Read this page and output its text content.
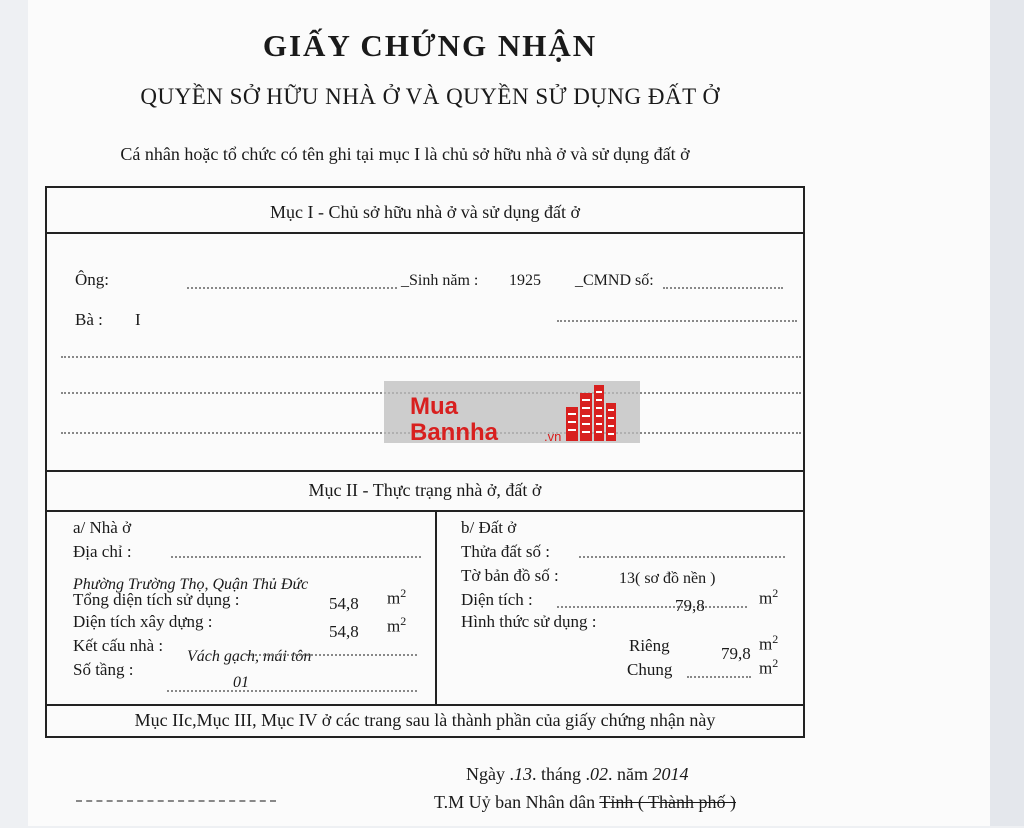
GIẤY CHỨNG NHẬN
QUYỀN SỞ HỮU NHÀ Ở VÀ QUYỀN SỬ DỤNG ĐẤT Ở
Cá nhân hoặc tổ chức có tên ghi tại mục I là chủ sở hữu nhà ở và sử dụng đất ở
Mục I - Chủ sở hữu nhà ở và sử dụng đất ở
Ông:	_Sinh năm : 1925 _CMND số:
Bà : I
Mục II - Thực trạng nhà ở, đất ở
a/ Nhà ở
Địa chỉ :
Phường Trường Thọ, Quận Thủ Đức
Tổng diện tích sử dụng :	54,8 $m^2$
Diện tích xây dựng :
54,8 $m^2$
Kết cấu nhà :
Vách gạch, mái tôn
Số tầng :
01
b/ Đất ở
Thửa đất số :
Tờ bản đồ số :	13( sơ đồ nền )
Diện tích :	79,8	$m^2$
Hình thức sử dụng :
Riêng	79,8 $m^2$
Chung	$m^2$
Mục IIc,Mục III, Mục IV ở các trang sau là thành phần của giấy chứng nhận này
Ngày .13. tháng .02. năm 2014
T.M Uỷ ban Nhân dân Tỉnh ( Thành phố )
Mua
Bannha	.vn
